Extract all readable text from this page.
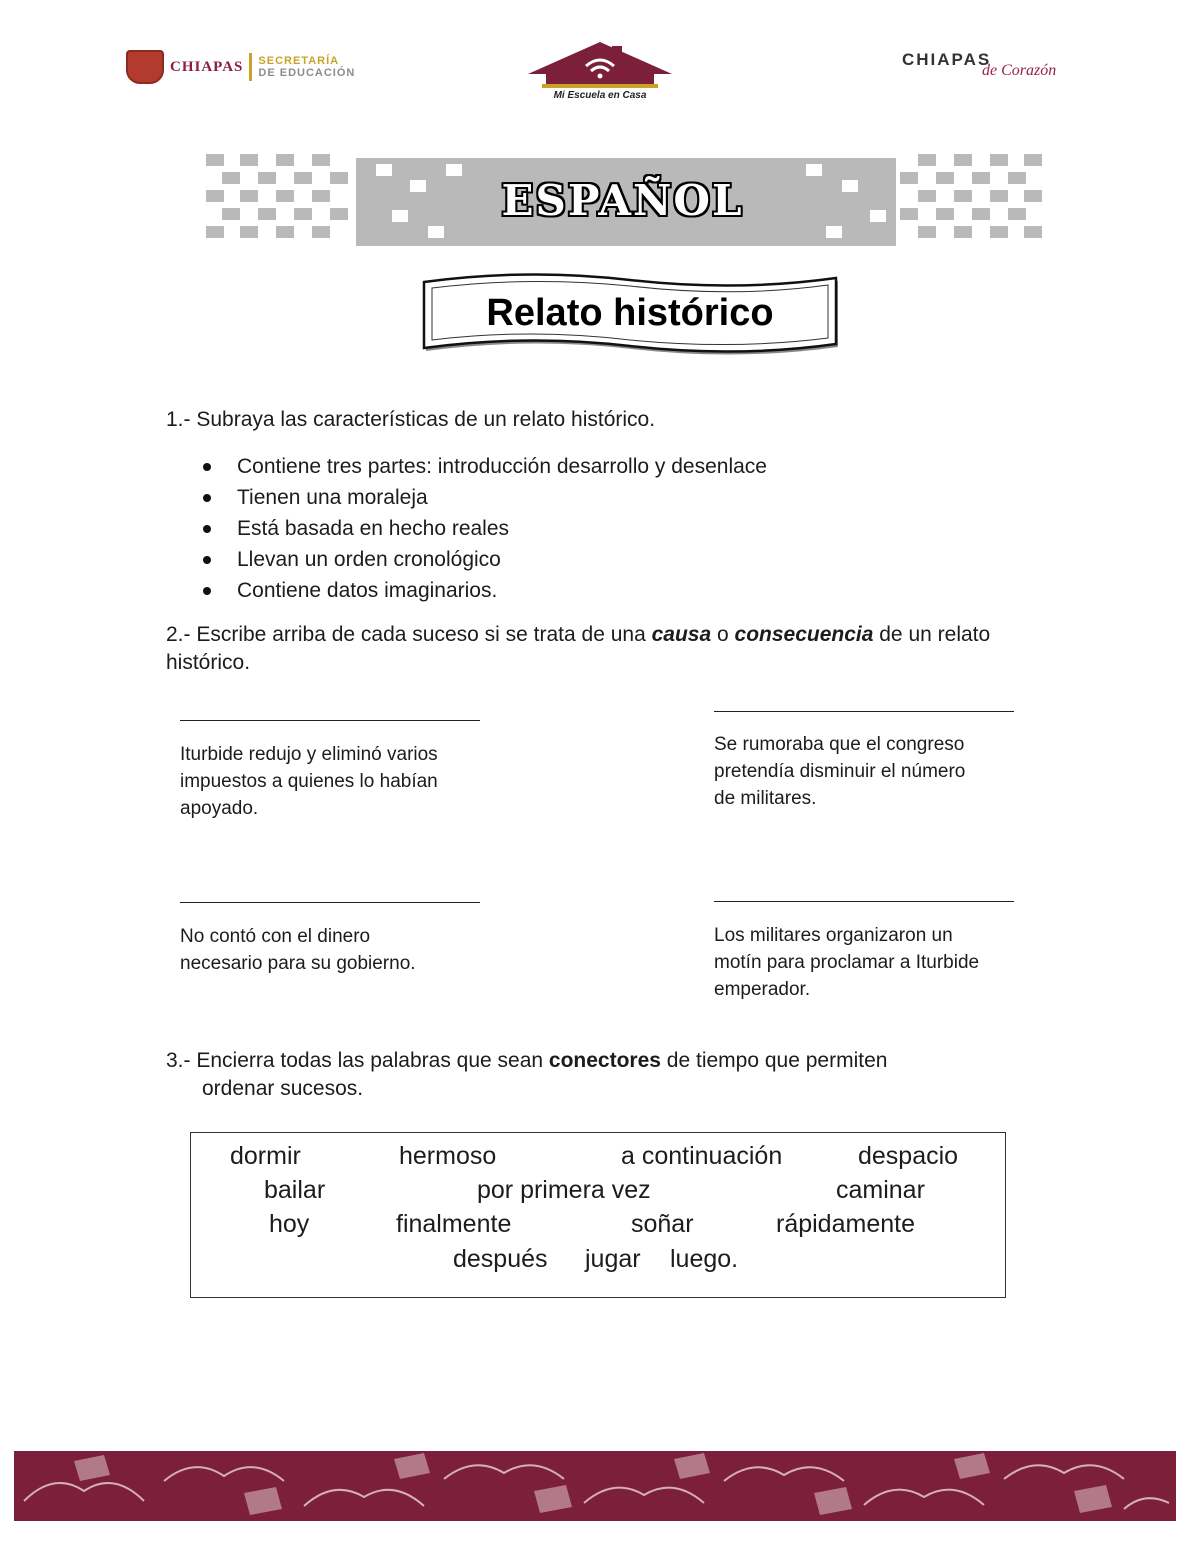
CHIAPAS SECRETARÍA
DE EDUCACIÓN
Mi Escuela en Casa
CHIAPAS
de Corazón
ESPAÑOL
Relato histórico
1.- Subraya las características de un relato histórico.
Contiene tres partes: introducción desarrollo y desenlace
Tienen una moraleja
Está basada en hecho reales
Llevan un orden cronológico
Contiene datos imaginarios.
2.- Escribe arriba de cada suceso si se trata de una causa o consecuencia de un relato histórico.
Iturbide redujo y eliminó varios
impuestos a quienes lo habían
apoyado.
Se rumoraba que el congreso
pretendía disminuir el número
de militares.
No contó con el dinero
necesario para su gobierno.
Los militares organizaron un
motín para proclamar a Iturbide
emperador.
3.- Encierra todas las palabras que sean conectores de tiempo que permiten
ordenar sucesos.
dormir	hermoso	a continuación	despacio
bailar	por primera vez	caminar
hoy	finalmente	soñar	rápidamente
después jugar luego.
